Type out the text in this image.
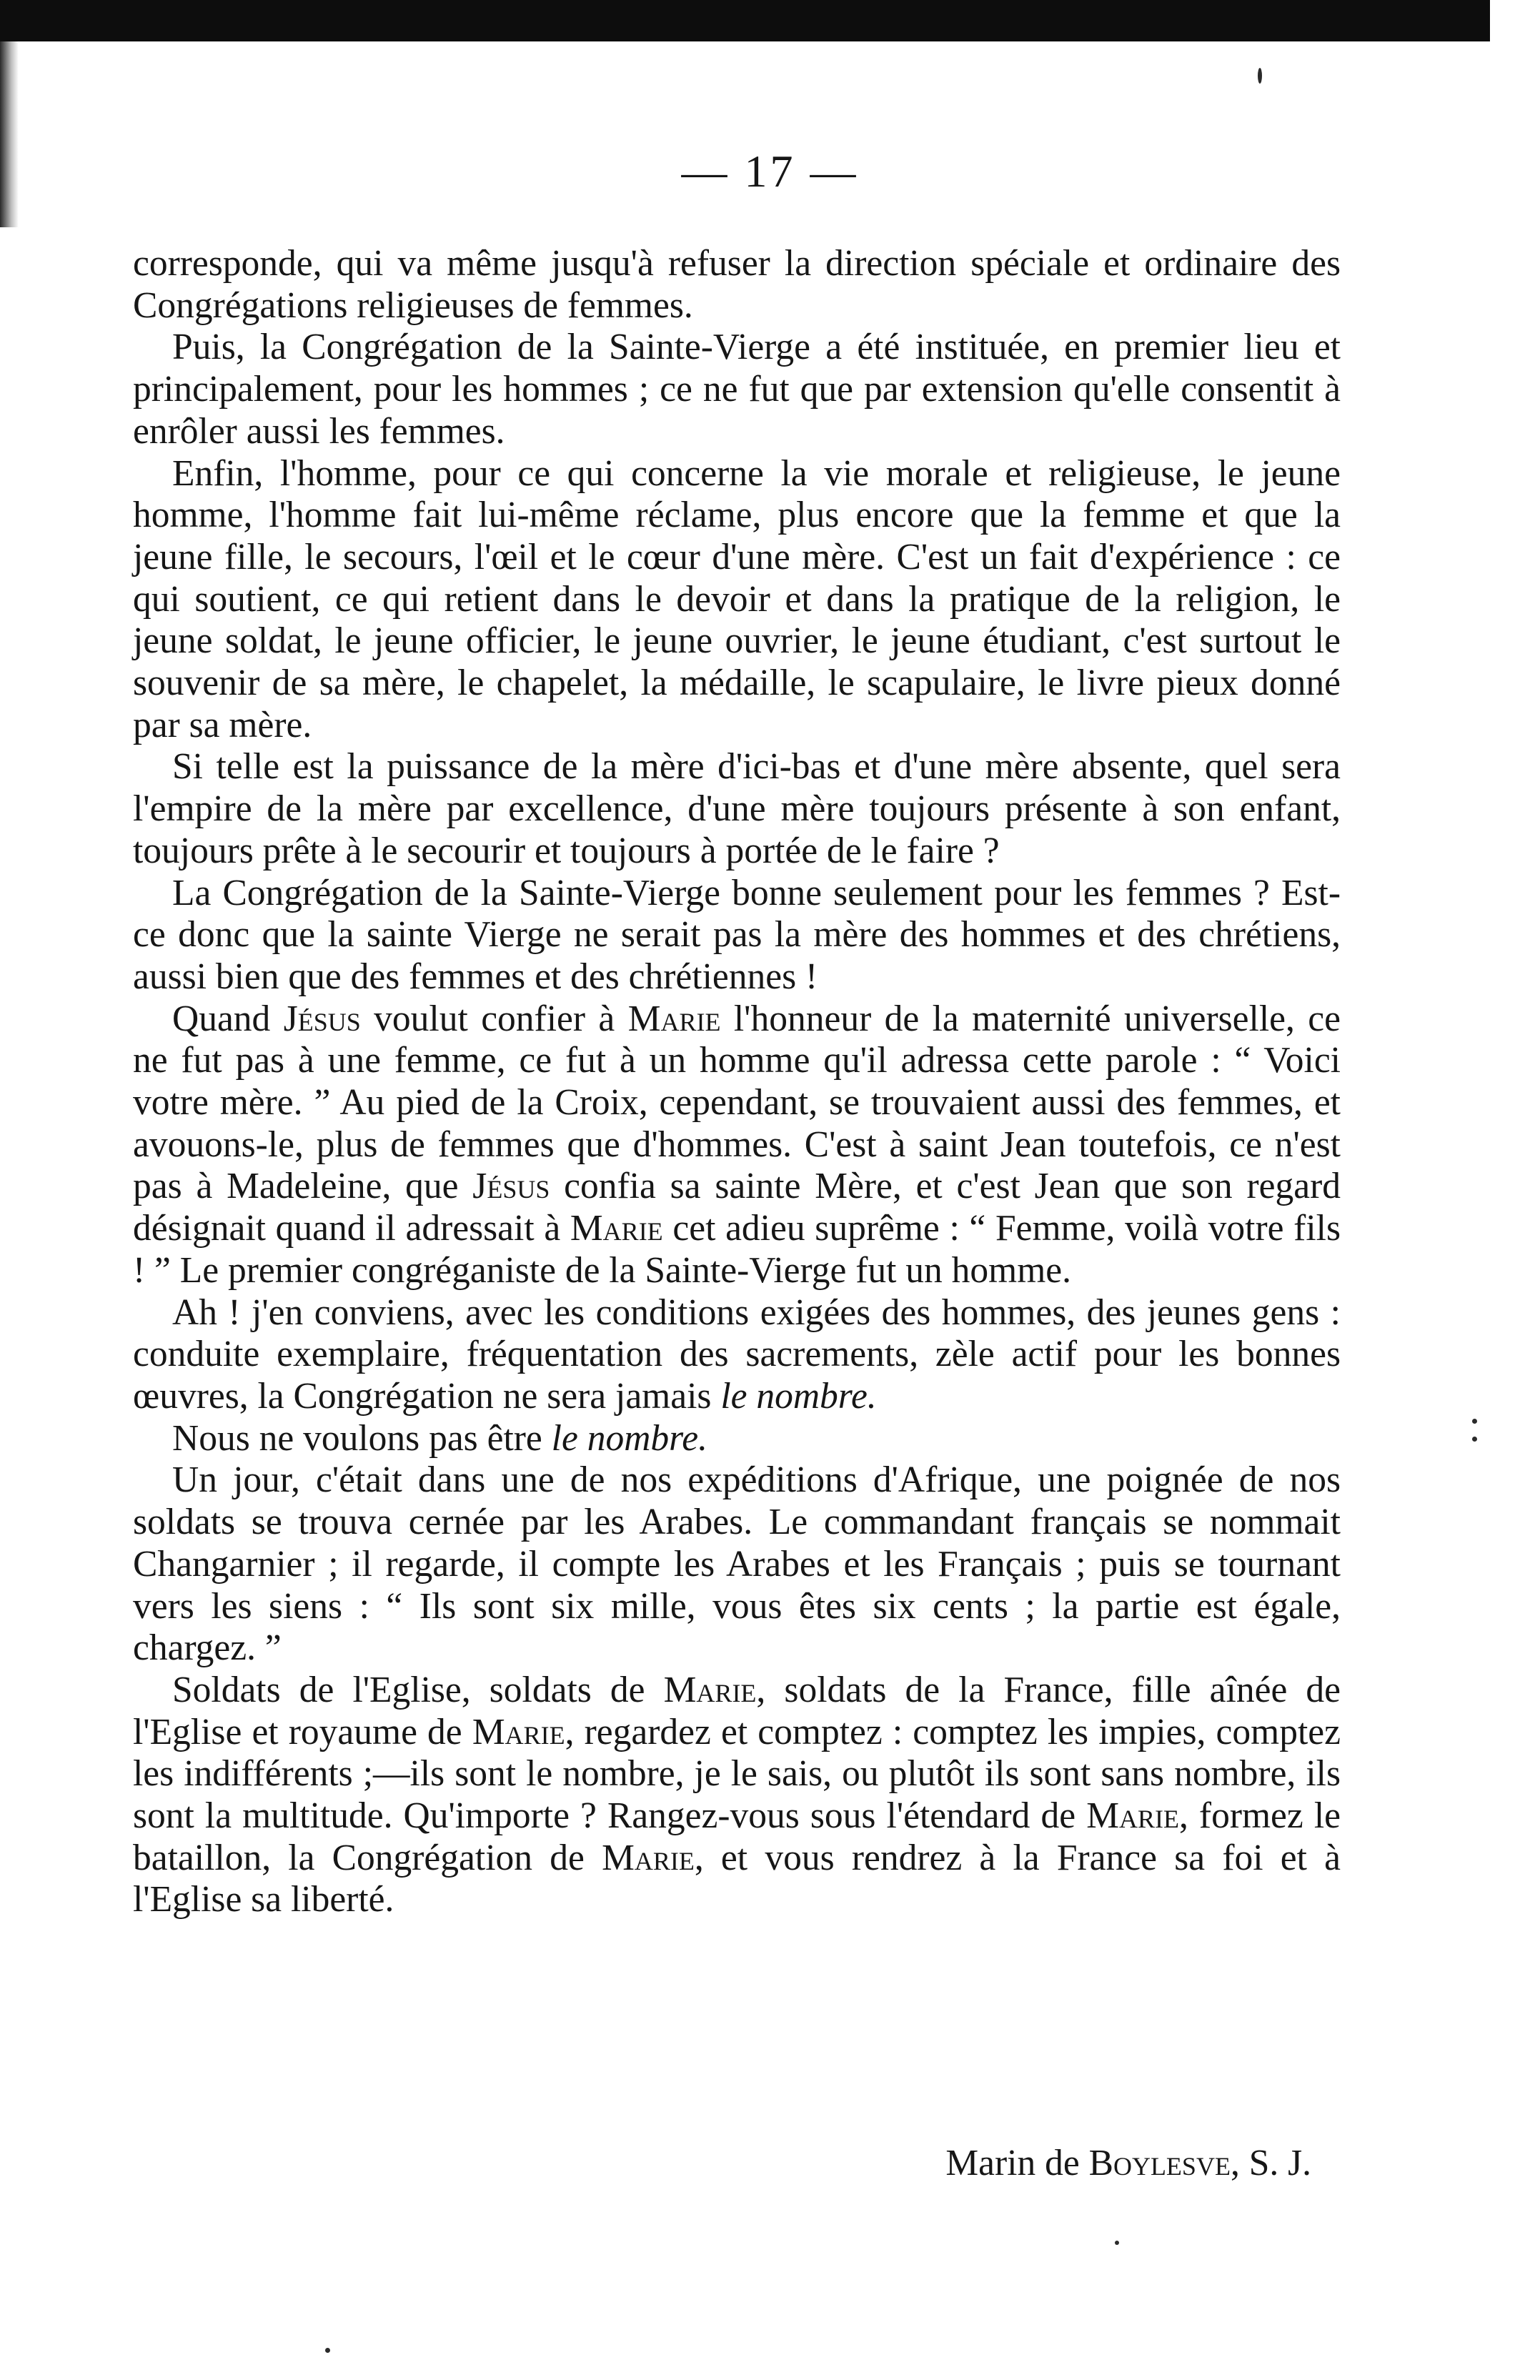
— 17 —

corresponde, qui va même jusqu'à refuser la direction spéciale et ordinaire des Congrégations religieuses de femmes.

Puis, la Congrégation de la Sainte-Vierge a été instituée, en premier lieu et principalement, pour les hommes ; ce ne fut que par extension qu'elle consentit à enrôler aussi les femmes.

Enfin, l'homme, pour ce qui concerne la vie morale et religieuse, le jeune homme, l'homme fait lui-même réclame, plus encore que la femme et que la jeune fille, le secours, l'œil et le cœur d'une mère. C'est un fait d'expérience : ce qui soutient, ce qui retient dans le devoir et dans la pratique de la religion, le jeune soldat, le jeune officier, le jeune ouvrier, le jeune étudiant, c'est surtout le souvenir de sa mère, le chapelet, la médaille, le scapulaire, le livre pieux donné par sa mère.

Si telle est la puissance de la mère d'ici-bas et d'une mère absente, quel sera l'empire de la mère par excellence, d'une mère toujours présente à son enfant, toujours prête à le secourir et toujours à portée de le faire ?

La Congrégation de la Sainte-Vierge bonne seulement pour les femmes ? Est-ce donc que la sainte Vierge ne serait pas la mère des hommes et des chrétiens, aussi bien que des femmes et des chrétiennes !

Quand Jésus voulut confier à Marie l'honneur de la maternité universelle, ce ne fut pas à une femme, ce fut à un homme qu'il adressa cette parole : “ Voici votre mère. ” Au pied de la Croix, cependant, se trouvaient aussi des femmes, et avouons-le, plus de femmes que d'hommes. C'est à saint Jean toutefois, ce n'est pas à Madeleine, que Jésus confia sa sainte Mère, et c'est Jean que son regard désignait quand il adressait à Marie cet adieu suprême : “ Femme, voilà votre fils ! ” Le premier congréganiste de la Sainte-Vierge fut un homme.

Ah ! j'en conviens, avec les conditions exigées des hommes, des jeunes gens : conduite exemplaire, fréquentation des sacrements, zèle actif pour les bonnes œuvres, la Congrégation ne sera jamais le nombre.

Nous ne voulons pas être le nombre.

Un jour, c'était dans une de nos expéditions d'Afrique, une poignée de nos soldats se trouva cernée par les Arabes. Le commandant français se nommait Changarnier ; il regarde, il compte les Arabes et les Français ; puis se tournant vers les siens : “ Ils sont six mille, vous êtes six cents ; la partie est égale, chargez. ”

Soldats de l'Eglise, soldats de Marie, soldats de la France, fille aînée de l'Eglise et royaume de Marie, regardez et comptez : comptez les impies, comptez les indifférents ;—ils sont le nombre, je le sais, ou plutôt ils sont sans nombre, ils sont la multitude. Qu'importe ? Rangez-vous sous l'étendard de Marie, formez le bataillon, la Congrégation de Marie, et vous rendrez à la France sa foi et à l'Eglise sa liberté.

Marin de Boylesve, S. J.
